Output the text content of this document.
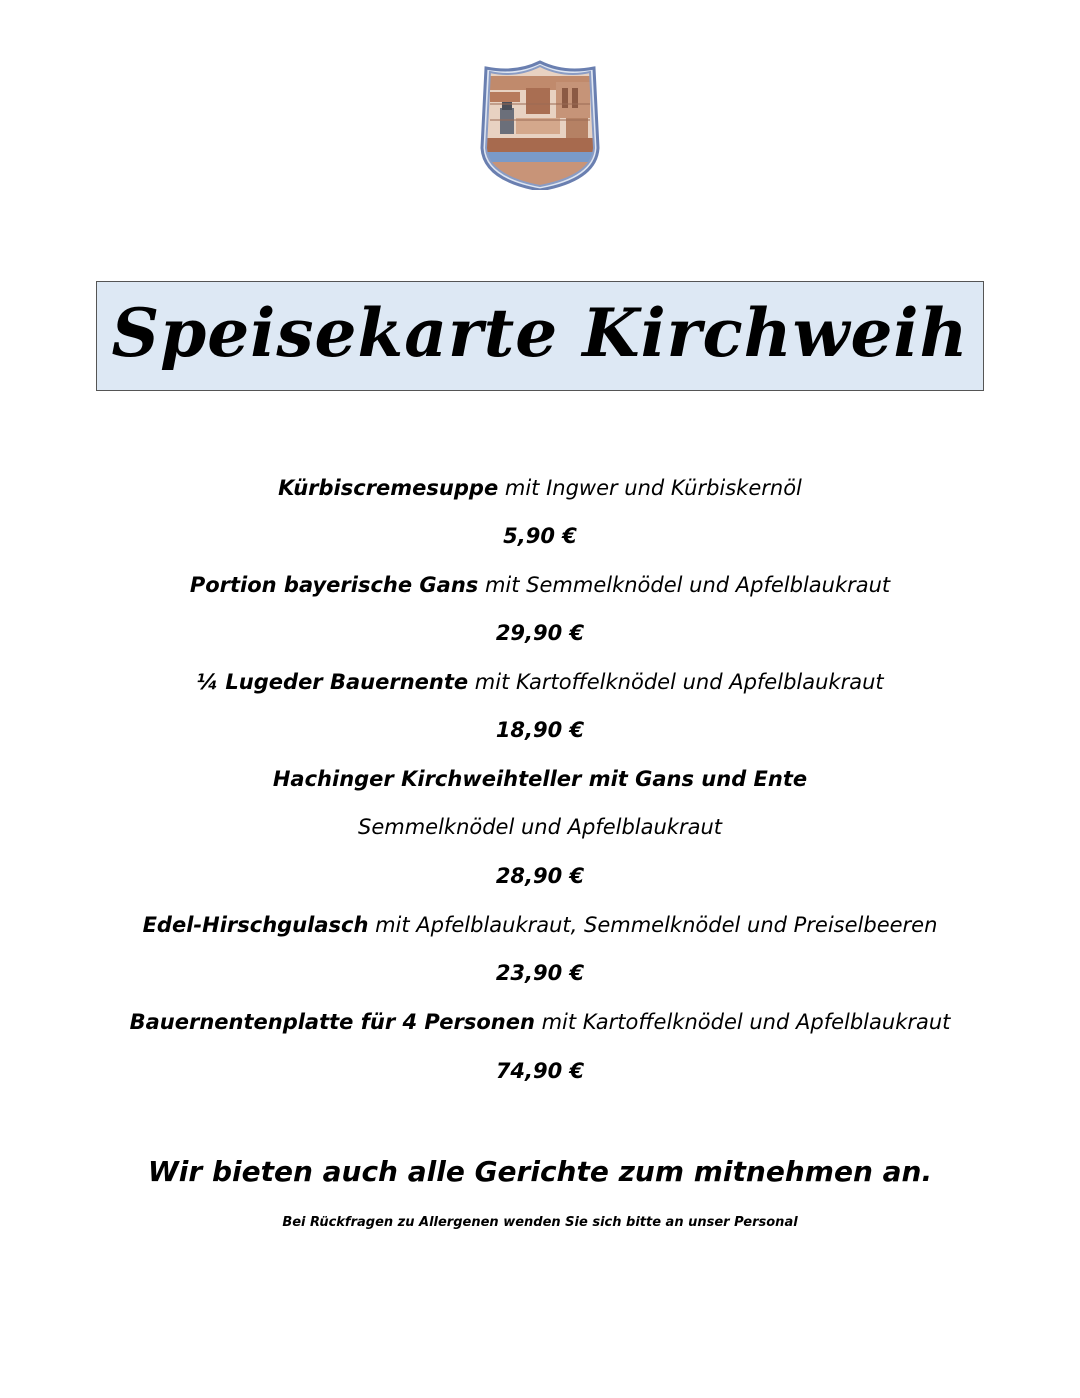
Speisekarte Kirchweih
Kürbiscremesuppe mit Ingwer und Kürbiskernöl
5,90 €
Portion bayerische Gans mit Semmelknödel und Apfelblaukraut
29,90 €
¼ Lugeder Bauernente mit Kartoffelknödel und Apfelblaukraut
18,90 €
Hachinger Kirchweihteller mit Gans und Ente
Semmelknödel und Apfelblaukraut
28,90 €
Edel-Hirschgulasch mit Apfelblaukraut, Semmelknödel und Preiselbeeren
23,90 €
Bauernentenplatte für 4 Personen mit Kartoffelknödel und Apfelblaukraut
74,90 €
Wir bieten auch alle Gerichte zum mitnehmen an.
Bei Rückfragen zu Allergenen wenden Sie sich bitte an unser Personal
